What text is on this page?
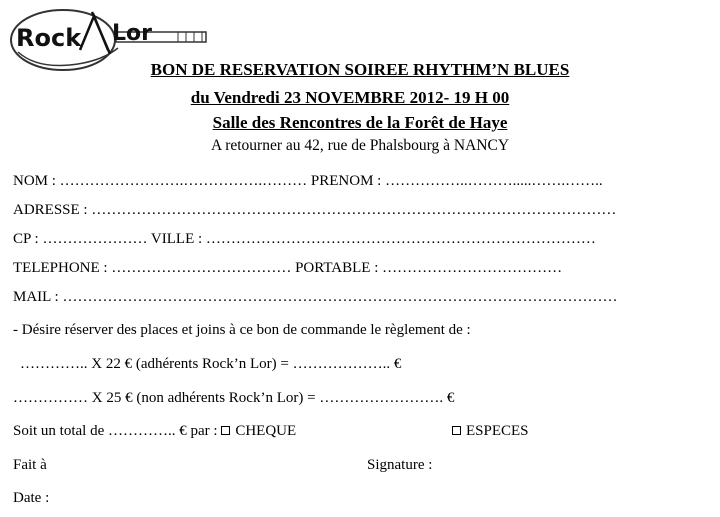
Rock Lor
BON DE RESERVATION SOIREE RHYTHM’N BLUES
du Vendredi 23 NOVEMBRE 2012- 19 H 00
Salle des Rencontres de la Forêt de Haye
A retourner au 42, rue de Phalsbourg à NANCY
NOM : …………………….…………….……… PRENOM : ……………..……….....…….……..
ADRESSE : ……………………………………………………………………………………………
CP : ………………… VILLE : ……………………………………………………………………
TELEPHONE : ……………………………… PORTABLE : ………………………………
MAIL : …………………………………………………………………………………………………
- Désire réserver des places et joins à ce bon de commande le règlement de :
………….. X 22 € (adhérents Rock’n Lor) = ……………….. €
…………… X 25 € (non adhérents Rock’n Lor) = ……………………. €
Soit un total de ………….. € par : CHEQUE	ESPECES
Fait à	Signature :
Date :
